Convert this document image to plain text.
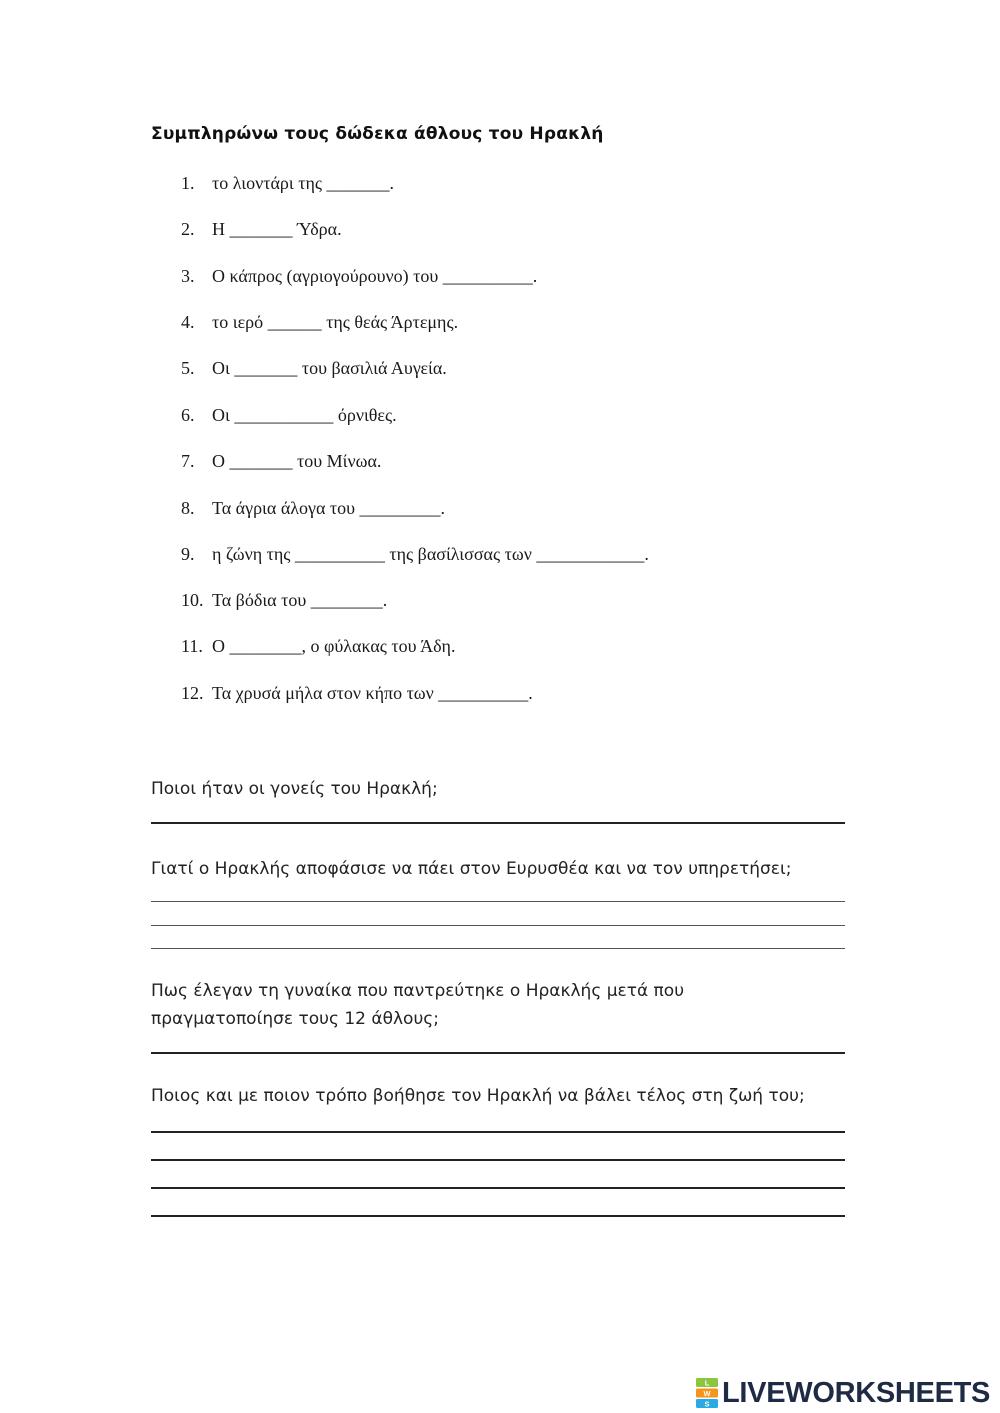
Συμπληρώνω τους δώδεκα άθλους του Ηρακλή
1. το λιοντάρι της _______.
2. Η _______ Ύδρα.
3. Ο κάπρος (αγριογούρουνο) του __________.
4. το ιερό ______ της θεάς Άρτεμης.
5. Οι _______ του βασιλιά Αυγεία.
6. Οι ___________ όρνιθες.
7. Ο _______ του Μίνωα.
8. Τα άγρια άλογα του _________.
9. η ζώνη της __________ της βασίλισσας των ____________.
10. Τα βόδια του ________.
11. Ο ________, ο φύλακας του Άδη.
12. Τα χρυσά μήλα στον κήπο των __________.
Ποιοι ήταν οι γονείς του Ηρακλή;
Γιατί ο Ηρακλής αποφάσισε να πάει στον Ευρυσθέα και να τον υπηρετήσει;
Πως έλεγαν τη γυναίκα που παντρεύτηκε ο Ηρακλής μετά που
πραγματοποίησε τους 12 άθλους;
Ποιος και με ποιον τρόπο βοήθησε τον Ηρακλή να βάλει τέλος στη ζωή του;
L
W
S LIVEWORKSHEETS
